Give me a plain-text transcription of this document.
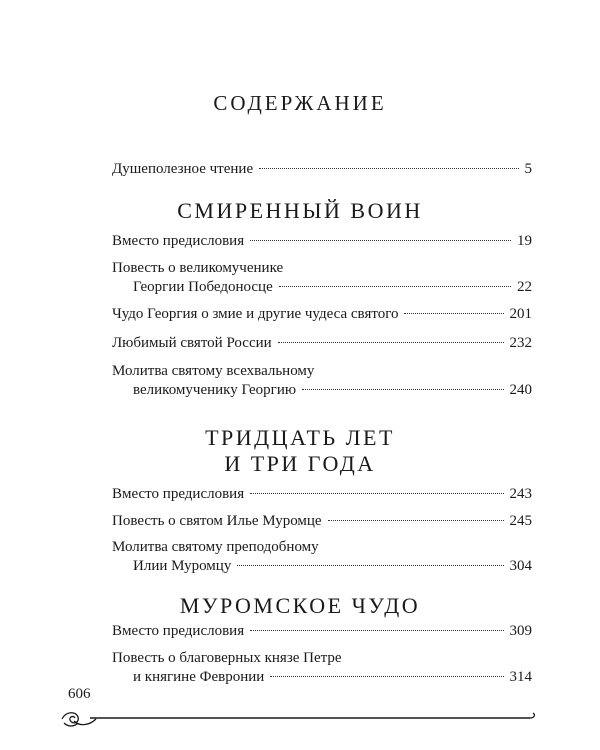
СОДЕРЖАНИЕ
Душеполезное чтение	5
СМИРЕННЫЙ ВОИН
Вместо предисловия	19
Повесть о великомученике
Георгии Победоносце	22
Чудо Георгия о змие и другие чудеса святого	201
Любимый святой России	232
Молитва святому всехвальному
великомученику Георгию	240
ТРИДЦАТЬ ЛЕТ
И ТРИ ГОДА
Вместо предисловия	243
Повесть о святом Илье Муромце	245
Молитва святому преподобному
Илии Муромцу	304
МУРОМСКОЕ ЧУДО
Вместо предисловия	309
Повесть о благоверных князе Петре
и княгине Февронии	314
606
